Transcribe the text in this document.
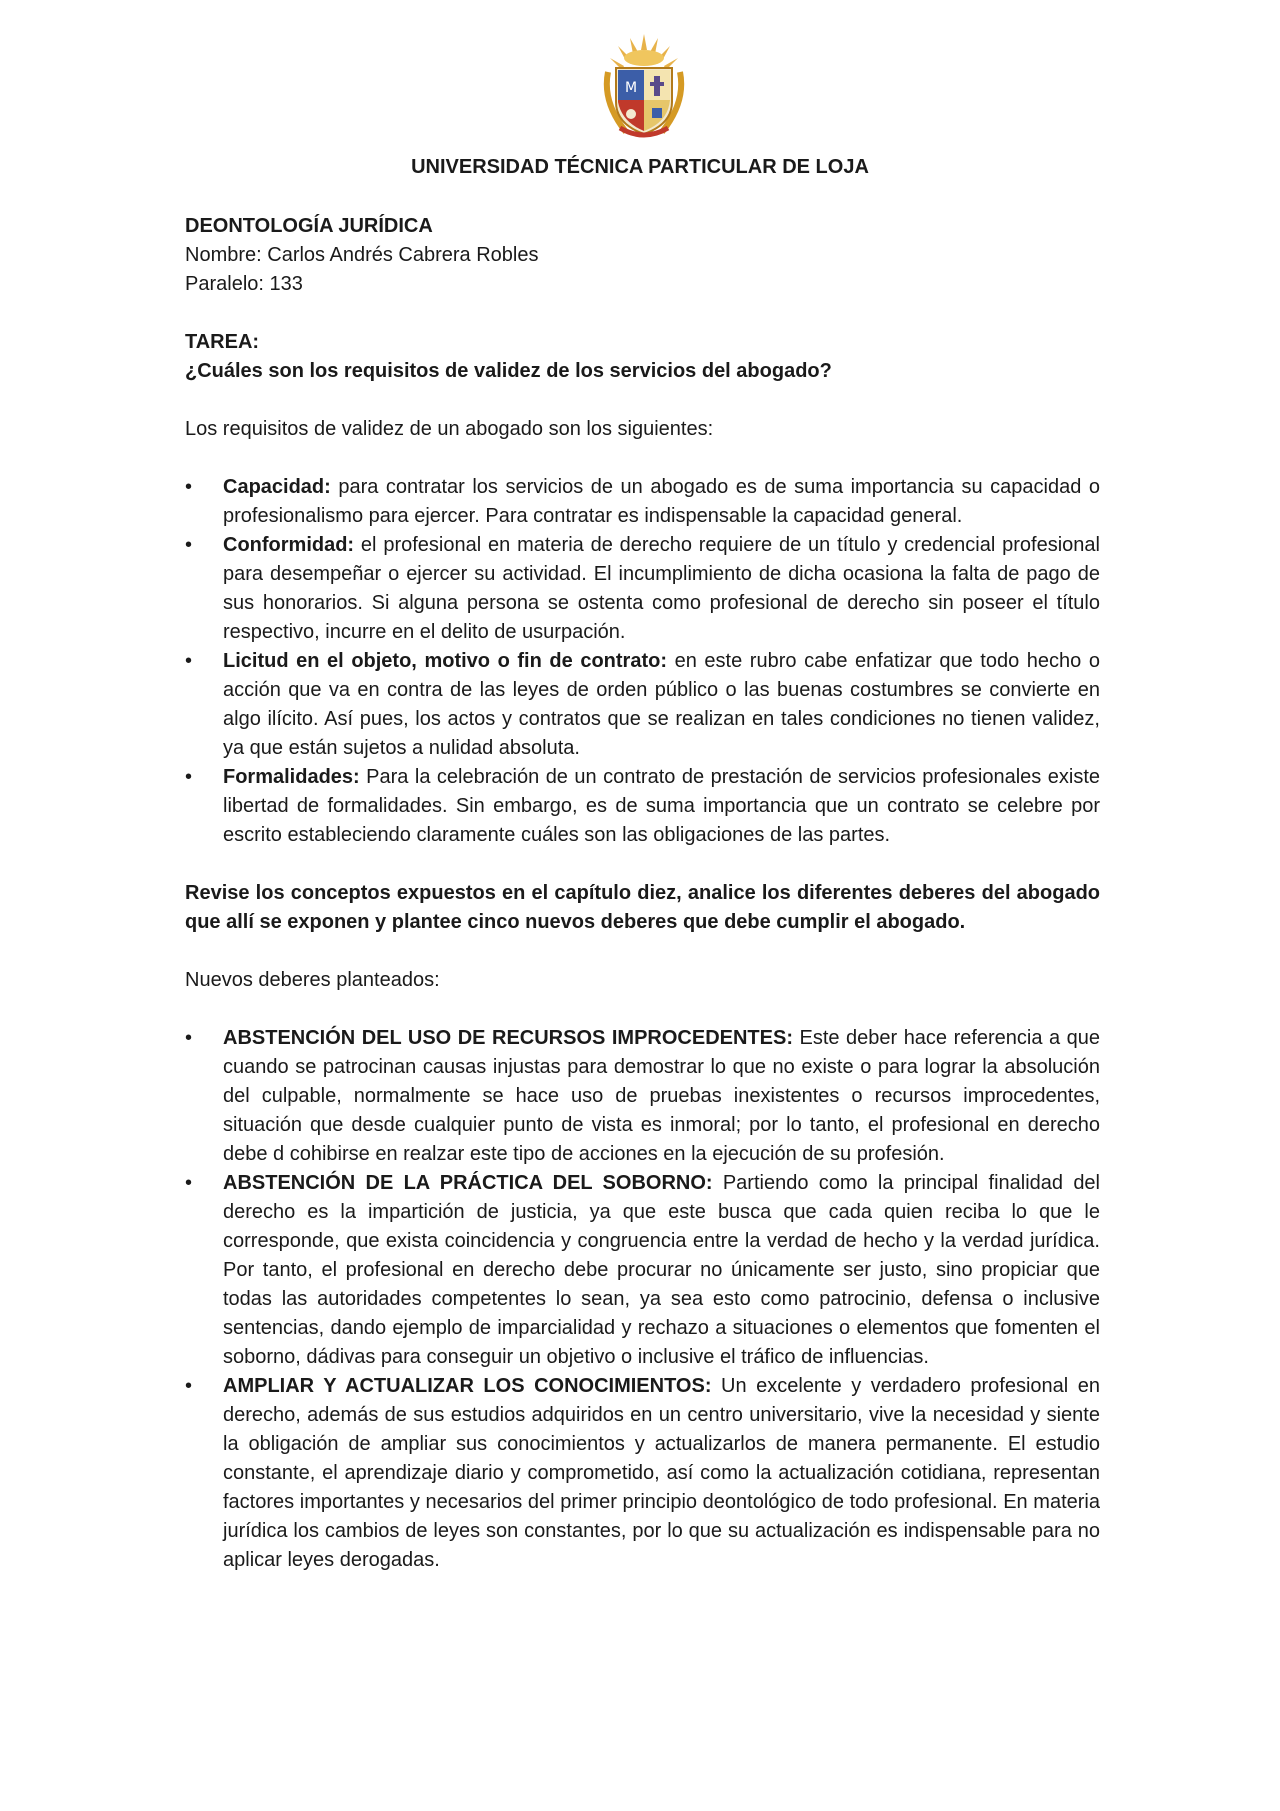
M
UNIVERSIDAD TÉCNICA PARTICULAR DE LOJA

DEONTOLOGÍA JURÍDICA

Nombre: Carlos Andrés Cabrera Robles

Paralelo: 133

TAREA:

¿Cuáles son los requisitos de validez de los servicios del abogado?

Los requisitos de validez de un abogado son los siguientes:

•	Capacidad: para contratar los servicios de un abogado es de suma importancia su capacidad o profesionalismo para ejercer. Para contratar es indispensable la capacidad general.
•	Conformidad: el profesional en materia de derecho requiere de un título y credencial profesional para desempeñar o ejercer su actividad. El incumplimiento de dicha ocasiona la falta de pago de sus honorarios. Si alguna persona se ostenta como profesional de derecho sin poseer el título respectivo, incurre en el delito de usurpación.
•	Licitud en el objeto, motivo o fin de contrato: en este rubro cabe enfatizar que todo hecho o acción que va en contra de las leyes de orden público o las buenas costumbres se convierte en algo ilícito. Así pues, los actos y contratos que se realizan en tales condiciones no tienen validez, ya que están sujetos a nulidad absoluta.
•	Formalidades: Para la celebración de un contrato de prestación de servicios profesionales existe libertad de formalidades. Sin embargo, es de suma importancia que un contrato se celebre por escrito estableciendo claramente cuáles son las obligaciones de las partes.

Revise los conceptos expuestos en el capítulo diez, analice los diferentes deberes del abogado que allí se exponen y plantee cinco nuevos deberes que debe cumplir el abogado.

Nuevos deberes planteados:

•	ABSTENCIÓN DEL USO DE RECURSOS IMPROCEDENTES: Este deber hace referencia a que cuando se patrocinan causas injustas para demostrar lo que no existe o para lograr la absolución del culpable, normalmente se hace uso de pruebas inexistentes o recursos improcedentes, situación que desde cualquier punto de vista es inmoral; por lo tanto, el profesional en derecho debe d cohibirse en realzar este tipo de acciones en la ejecución de su profesión.
•	ABSTENCIÓN DE LA PRÁCTICA DEL SOBORNO: Partiendo como la principal finalidad del derecho es la impartición de justicia, ya que este busca que cada quien reciba lo que le corresponde, que exista coincidencia y congruencia entre la verdad de hecho y la verdad jurídica. Por tanto, el profesional en derecho debe procurar no únicamente ser justo, sino propiciar que todas las autoridades competentes lo sean, ya sea esto como patrocinio, defensa o inclusive sentencias, dando ejemplo de imparcialidad y rechazo a situaciones o elementos que fomenten el soborno, dádivas para conseguir un objetivo o inclusive el tráfico de influencias.
•	AMPLIAR Y ACTUALIZAR LOS CONOCIMIENTOS: Un excelente y verdadero profesional en derecho, además de sus estudios adquiridos en un centro universitario, vive la necesidad y siente la obligación de ampliar sus conocimientos y actualizarlos de manera permanente. El estudio constante, el aprendizaje diario y comprometido, así como la actualización cotidiana, representan factores importantes y necesarios del primer principio deontológico de todo profesional. En materia jurídica los cambios de leyes son constantes, por lo que su actualización es indispensable para no aplicar leyes derogadas.
